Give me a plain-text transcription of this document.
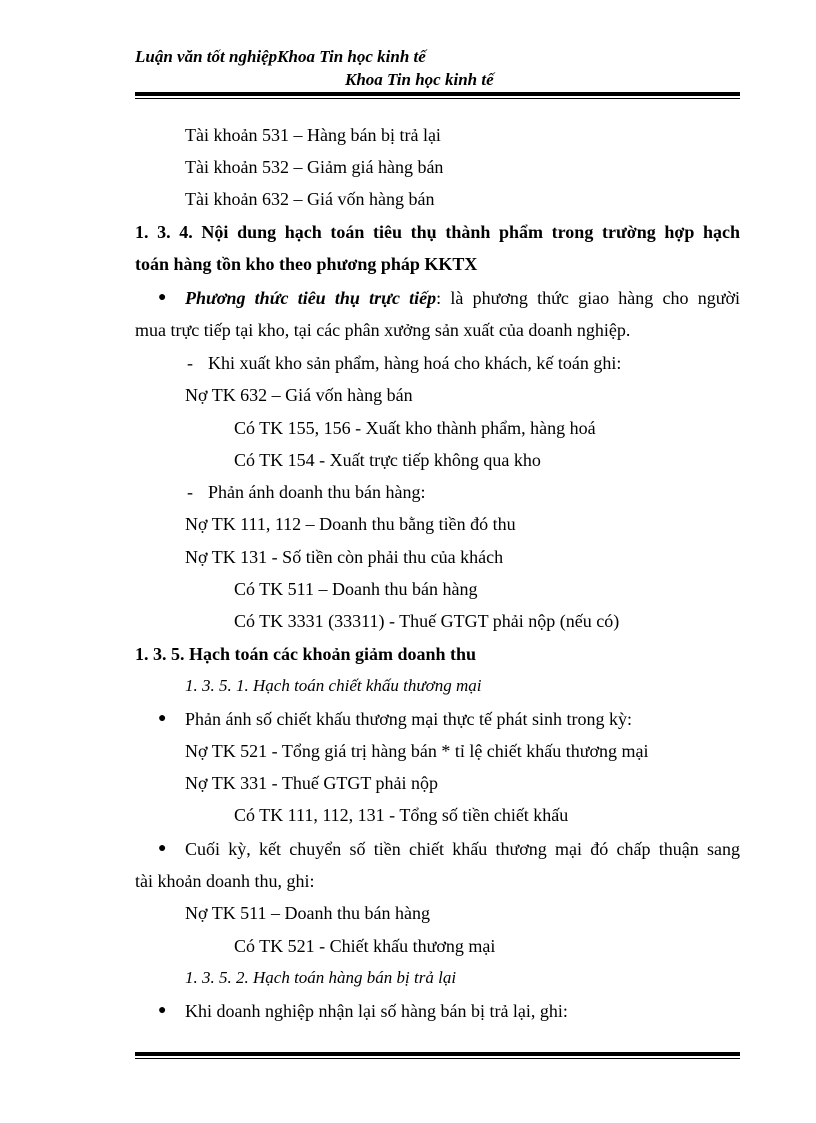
Luận văn tốt nghiệpKhoa Tin học kinh tế
Khoa Tin học kinh tế
Tài khoản 531 – Hàng bán bị trả lại
Tài khoản 532 – Giảm giá hàng bán
Tài khoản 632 – Giá vốn hàng bán
1. 3. 4. Nội dung hạch toán tiêu thụ thành phẩm trong trường hợp hạch
toán hàng tồn kho theo phương pháp KKTX
● Phương thức tiêu thụ trực tiếp: là phương thức giao hàng cho người
mua trực tiếp tại kho, tại các phân xưởng sản xuất của doanh nghiệp.
- Khi xuất kho sản phẩm, hàng hoá cho khách, kế toán ghi:
Nợ TK 632 – Giá vốn hàng bán
Có TK 155, 156 - Xuất kho thành phẩm, hàng hoá
Có TK 154 - Xuất trực tiếp không qua kho
- Phản ánh doanh thu bán hàng:
Nợ TK 111, 112 – Doanh thu bằng tiền đó thu
Nợ TK 131 - Số tiền còn phải thu của khách
Có TK 511 – Doanh thu bán hàng
Có TK 3331 (33311) - Thuế GTGT phải nộp (nếu có)
1. 3. 5. Hạch toán các khoản giảm doanh thu
1. 3. 5. 1. Hạch toán chiết khấu thương mại
● Phản ánh số chiết khấu thương mại thực tế phát sinh trong kỳ:
Nợ TK 521 - Tổng giá trị hàng bán * tỉ lệ chiết khấu thương mại
Nợ TK 331 - Thuế GTGT phải nộp
Có TK 111, 112, 131 - Tổng số tiền chiết khấu
● Cuối kỳ, kết chuyển số tiền chiết khấu thương mại đó chấp thuận sang
tài khoản doanh thu, ghi:
Nợ TK 511 – Doanh thu bán hàng
Có TK 521 - Chiết khấu thương mại
1. 3. 5. 2. Hạch toán hàng bán bị trả lại
● Khi doanh nghiệp nhận lại số hàng bán bị trả lại, ghi:
